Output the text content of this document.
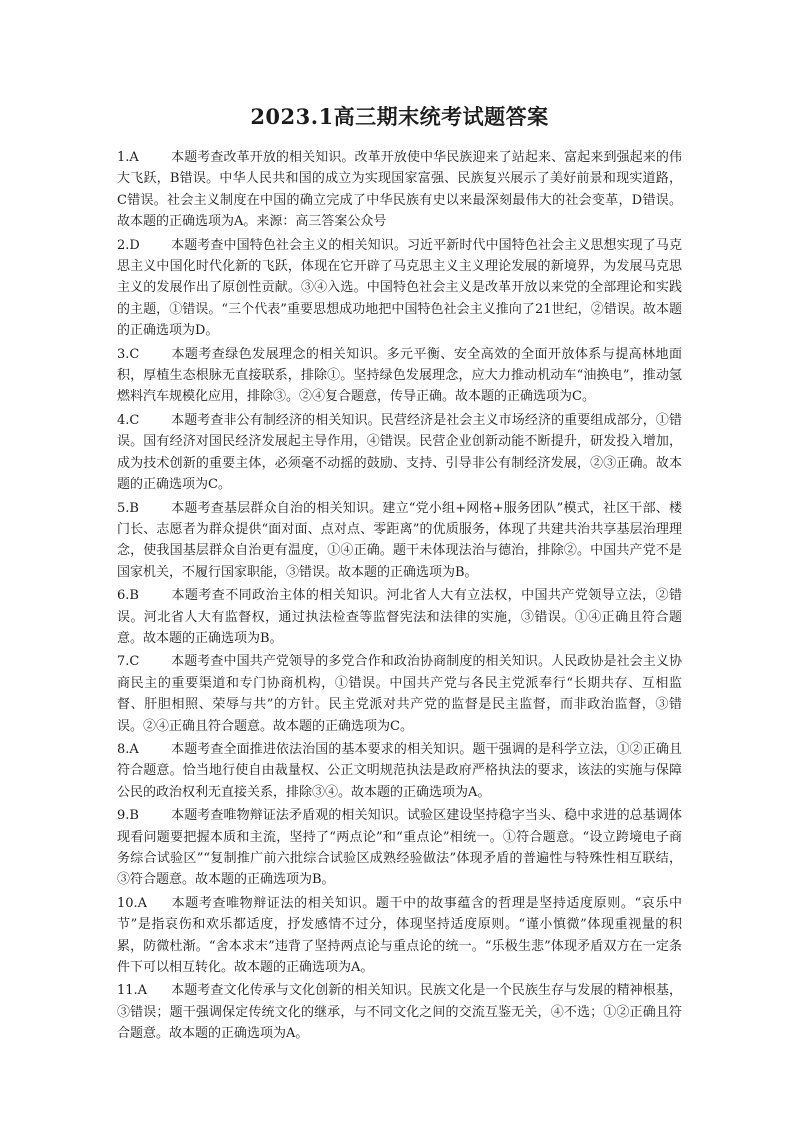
2023.1高三期末统考试题答案

1.A 本题考查改革开放的相关知识。改革开放使中华民族迎来了站起来、富起来到强起来的伟大飞跃，B错误。中华人民共和国的成立为实现国家富强、民族复兴展示了美好前景和现实道路，C错误。社会主义制度在中国的确立完成了中华民族有史以来最深刻最伟大的社会变革，D错误。故本题的正确选项为A。来源：高三答案公众号

2.D 本题考查中国特色社会主义的相关知识。习近平新时代中国特色社会主义思想实现了马克思主义中国化时代化新的飞跃，体现在它开辟了马克思主义主义理论发展的新境界，为发展马克思主义的发展作出了原创性贡献。③④入选。中国特色社会主义是改革开放以来党的全部理论和实践的主题，①错误。“三个代表”重要思想成功地把中国特色社会主义推向了21世纪，②错误。故本题的正确选项为D。

3.C 本题考查绿色发展理念的相关知识。多元平衡、安全高效的全面开放体系与提高林地面积，厚植生态根脉无直接联系，排除①。坚持绿色发展理念，应大力推动机动车“油换电”，推动氢燃料汽车规模化应用，排除③。②④复合题意，传导正确。故本题的正确选项为C。

4.C 本题考查非公有制经济的相关知识。民营经济是社会主义市场经济的重要组成部分，①错误。国有经济对国民经济发展起主导作用，④错误。民营企业创新动能不断提升，研发投入增加，成为技术创新的重要主体，必须毫不动摇的鼓励、支持、引导非公有制经济发展，②③正确。故本题的正确选项为C。

5.B 本题考查基层群众自治的相关知识。建立“党小组+网格+服务团队”模式，社区干部、楼门长、志愿者为群众提供“面对面、点对点、零距离”的优质服务，体现了共建共治共享基层治理理念，使我国基层群众自治更有温度，①④正确。题干未体现法治与德治，排除②。中国共产党不是国家机关，不履行国家职能，③错误。故本题的正确选项为B。

6.B 本题考查不同政治主体的相关知识。河北省人大有立法权，中国共产党领导立法，②错误。河北省人大有监督权，通过执法检查等监督宪法和法律的实施，③错误。①④正确且符合题意。故本题的正确选项为B。

7.C 本题考查中国共产党领导的多党合作和政治协商制度的相关知识。人民政协是社会主义协商民主的重要渠道和专门协商机构，①错误。中国共产党与各民主党派奉行“长期共存、互相监督、肝胆相照、荣辱与共”的方针。民主党派对共产党的监督是民主监督，而非政治监督，③错误。②④正确且符合题意。故本题的正确选项为C。

8.A 本题考查全面推进依法治国的基本要求的相关知识。题干强调的是科学立法，①②正确且符合题意。恰当地行使自由裁量权、公正文明规范执法是政府严格执法的要求，该法的实施与保障公民的政治权利无直接关系，排除③④。故本题的正确选项为A。

9.B 本题考查唯物辩证法矛盾观的相关知识。试验区建设坚持稳字当头、稳中求进的总基调体现看问题要把握本质和主流，坚持了“两点论”和“重点论”相统一。①符合题意。“设立跨境电子商务综合试验区”“复制推广前六批综合试验区成熟经验做法”体现矛盾的普遍性与特殊性相互联结，③符合题意。故本题的正确选项为B。

10.A 本题考查唯物辩证法的相关知识。题干中的故事蕴含的哲理是坚持适度原则。“哀乐中节”是指哀伤和欢乐都适度，抒发感情不过分，体现坚持适度原则。“谨小慎微”体现重视量的积累，防微杜渐。“舍本求末”违背了坚持两点论与重点论的统一。“乐极生悲”体现矛盾双方在一定条件下可以相互转化。故本题的正确选项为A。

11.A 本题考查文化传承与文化创新的相关知识。民族文化是一个民族生存与发展的精神根基，③错误；题干强调保定传统文化的继承，与不同文化之间的交流互鉴无关，④不选；①②正确且符合题意。故本题的正确选项为A。
